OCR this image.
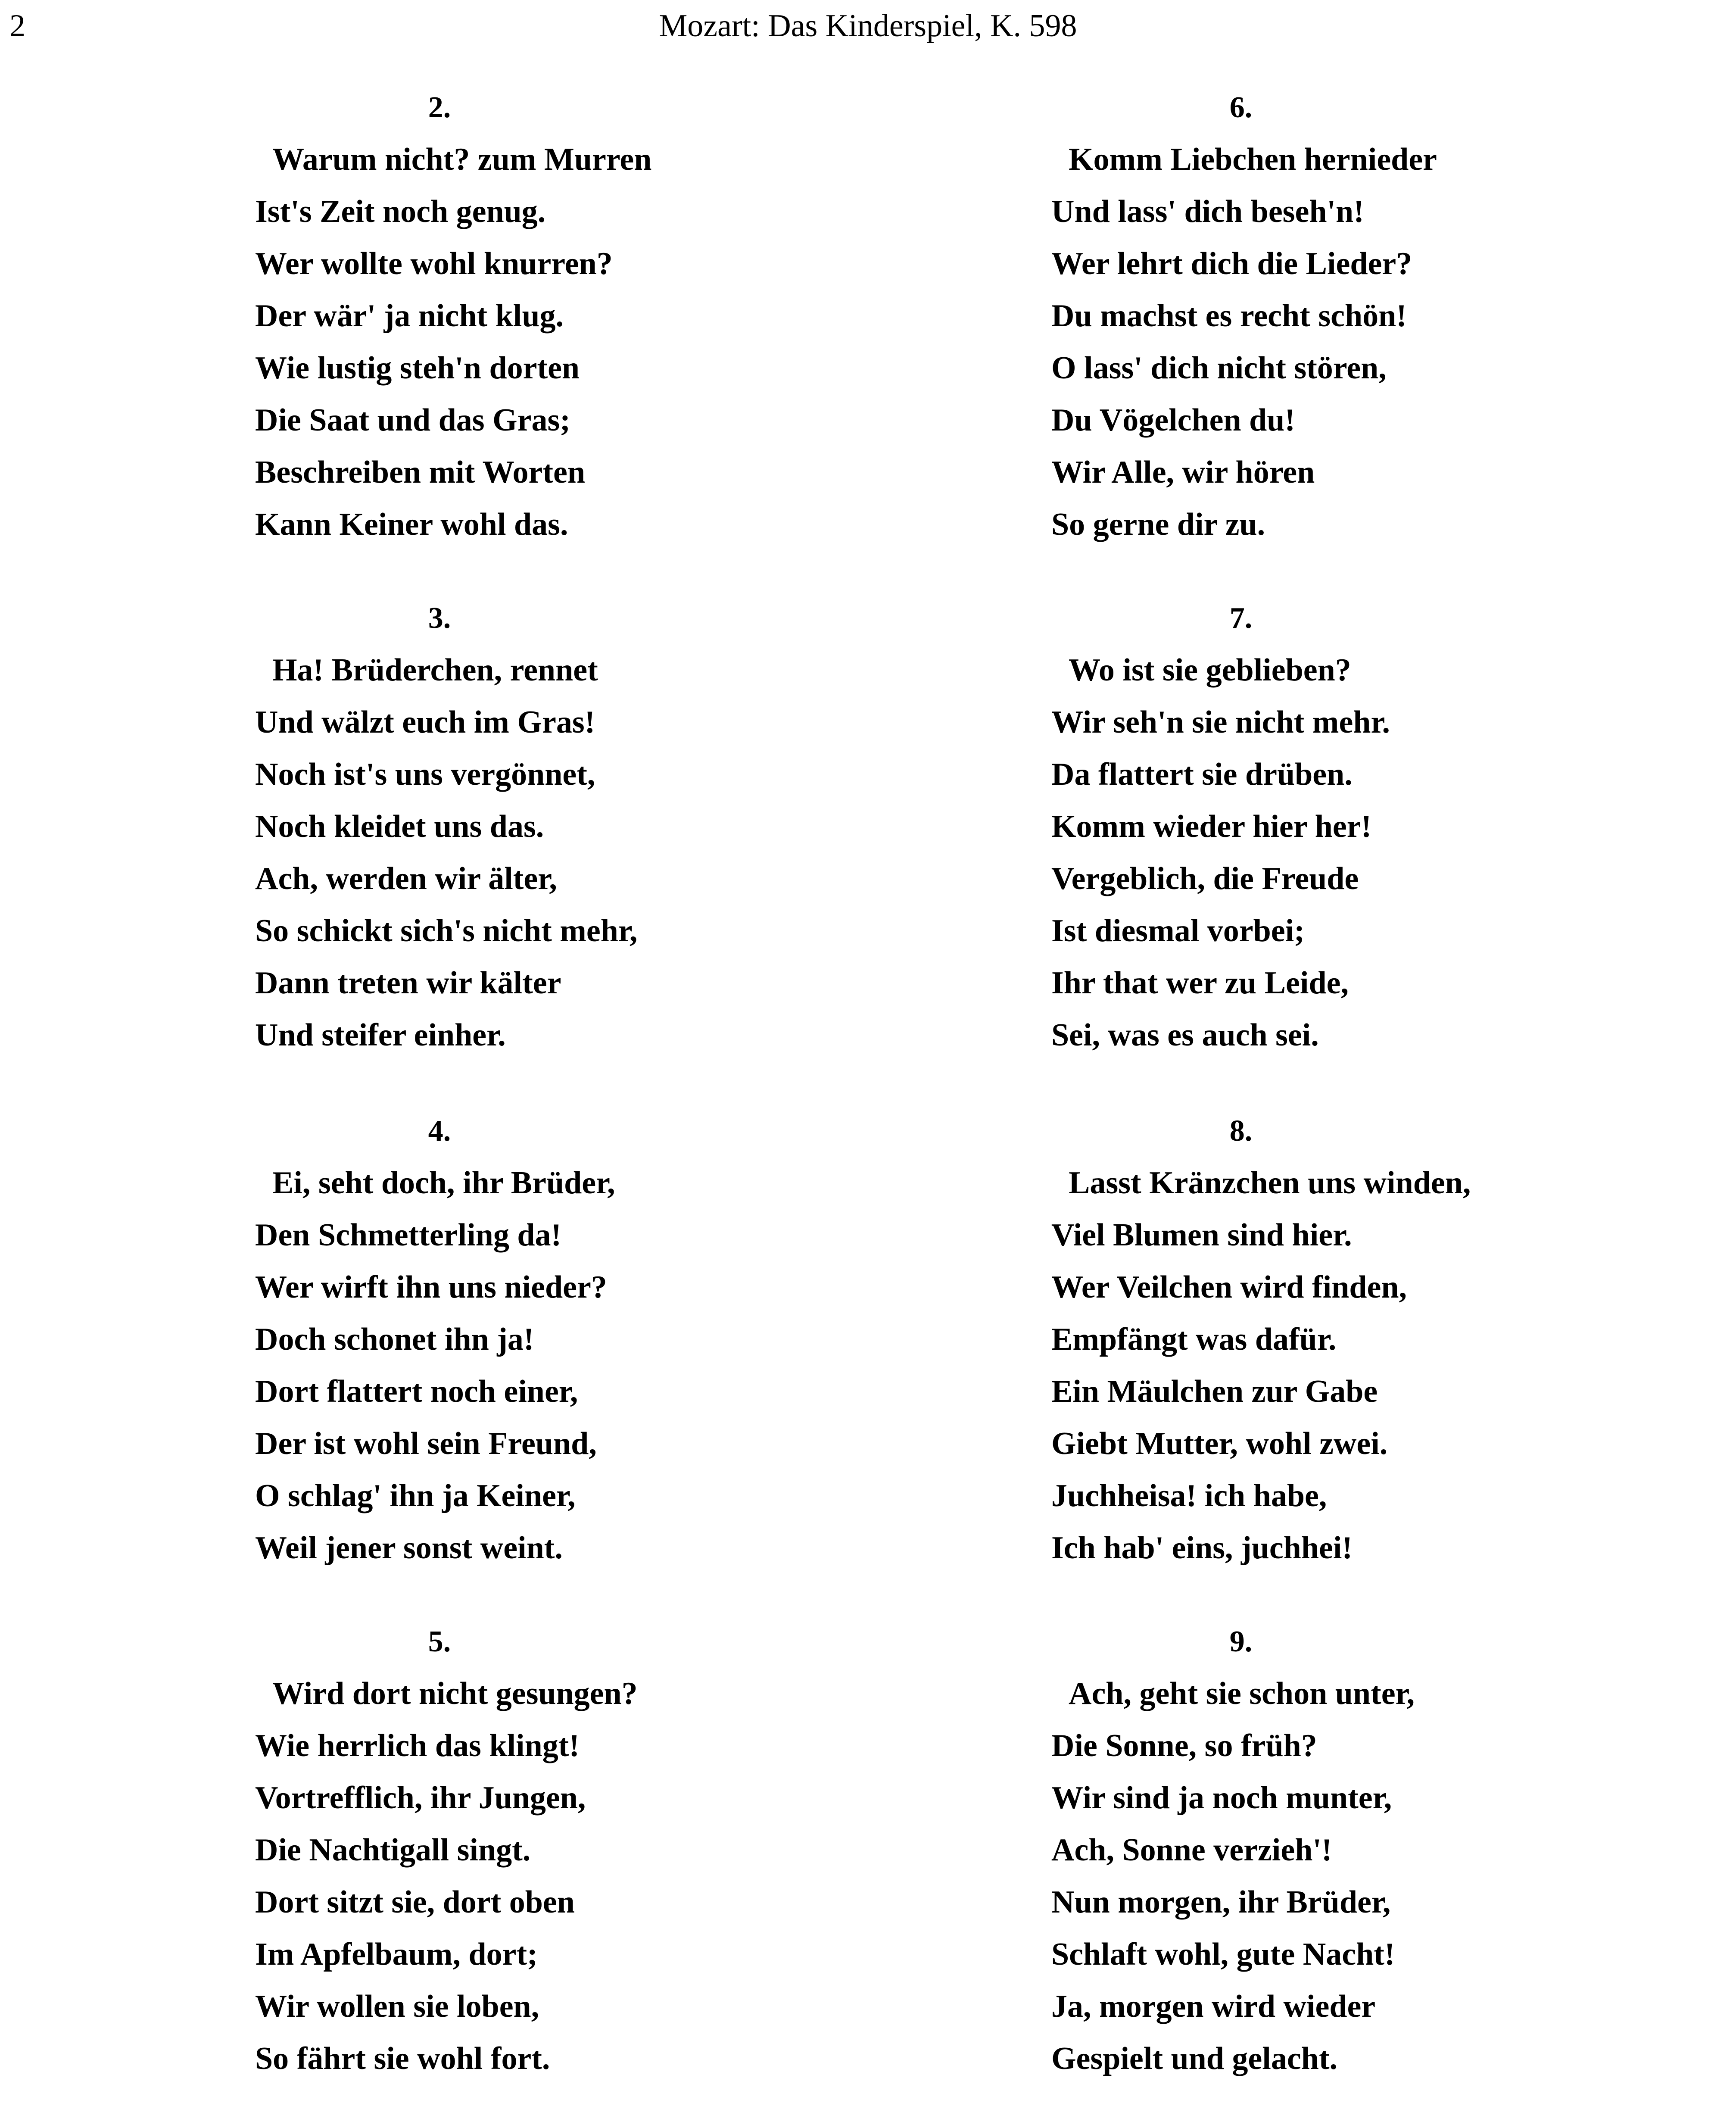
2	Mozart: Das Kinderspiel, K. 598
2.
Warum nicht? zum Murren
Ist's Zeit noch genug.
Wer wollte wohl knurren?
Der wär' ja nicht klug.
Wie lustig steh'n dorten
Die Saat und das Gras;
Beschreiben mit Worten
Kann Keiner wohl das.
3.
Ha! Brüderchen, rennet
Und wälzt euch im Gras!
Noch ist's uns vergönnet,
Noch kleidet uns das.
Ach, werden wir älter,
So schickt sich's nicht mehr,
Dann treten wir kälter
Und steifer einher.
4.
Ei, seht doch, ihr Brüder,
Den Schmetterling da!
Wer wirft ihn uns nieder?
Doch schonet ihn ja!
Dort flattert noch einer,
Der ist wohl sein Freund,
O schlag' ihn ja Keiner,
Weil jener sonst weint.
5.
Wird dort nicht gesungen?
Wie herrlich das klingt!
Vortrefflich, ihr Jungen,
Die Nachtigall singt.
Dort sitzt sie, dort oben
Im Apfelbaum, dort;
Wir wollen sie loben,
So fährt sie wohl fort.
6.
Komm Liebchen hernieder
Und lass' dich beseh'n!
Wer lehrt dich die Lieder?
Du machst es recht schön!
O lass' dich nicht stören,
Du Vögelchen du!
Wir Alle, wir hören
So gerne dir zu.
7.
Wo ist sie geblieben?
Wir seh'n sie nicht mehr.
Da flattert sie drüben.
Komm wieder hier her!
Vergeblich, die Freude
Ist diesmal vorbei;
Ihr that wer zu Leide,
Sei, was es auch sei.
8.
Lasst Kränzchen uns winden,
Viel Blumen sind hier.
Wer Veilchen wird finden,
Empfängt was dafür.
Ein Mäulchen zur Gabe
Giebt Mutter, wohl zwei.
Juchheisa! ich habe,
Ich hab' eins, juchhei!
9.
Ach, geht sie schon unter,
Die Sonne, so früh?
Wir sind ja noch munter,
Ach, Sonne verzieh'!
Nun morgen, ihr Brüder,
Schlaft wohl, gute Nacht!
Ja, morgen wird wieder
Gespielt und gelacht.
